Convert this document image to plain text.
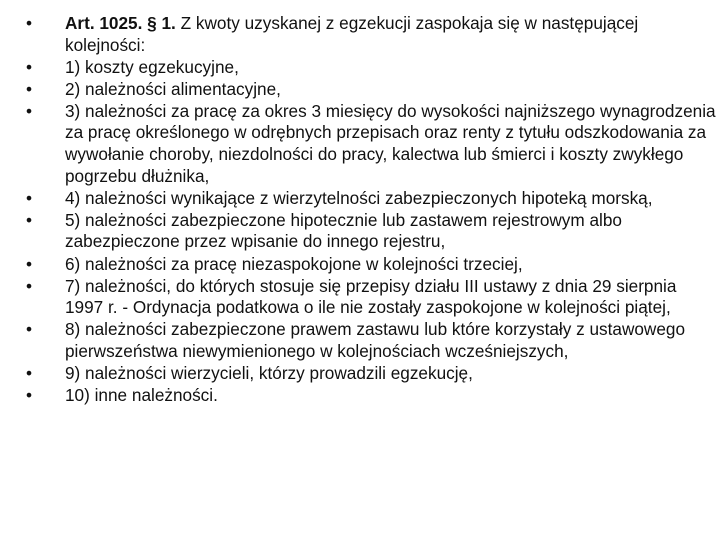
•	Art. 1025. § 1. Z kwoty uzyskanej z egzekucji zaspokaja się w następującej kolejności:
•	1) koszty egzekucyjne,
•	2) należności alimentacyjne,
•	3) należności za pracę za okres 3 miesięcy do wysokości najniższego wynagrodzenia za pracę określonego w odrębnych przepisach oraz renty z tytułu odszkodowania za wywołanie choroby, niezdolności do pracy, kalectwa lub śmierci i koszty zwykłego pogrzebu dłużnika,
•	4) należności wynikające z wierzytelności zabezpieczonych hipoteką morską,
•	5) należności zabezpieczone hipotecznie lub zastawem rejestrowym albo zabezpieczone przez wpisanie do innego rejestru,
•	6) należności za pracę niezaspokojone w kolejności trzeciej,
•	7) należności, do których stosuje się przepisy działu III ustawy z dnia 29 sierpnia 1997 r. - Ordynacja podatkowa o ile nie zostały zaspokojone w kolejności piątej,
•	8) należności zabezpieczone prawem zastawu lub które korzystały z ustawowego pierwszeństwa niewymienionego w kolejnościach wcześniejszych,
•	9) należności wierzycieli, którzy prowadzili egzekucję,
•	10) inne należności.
